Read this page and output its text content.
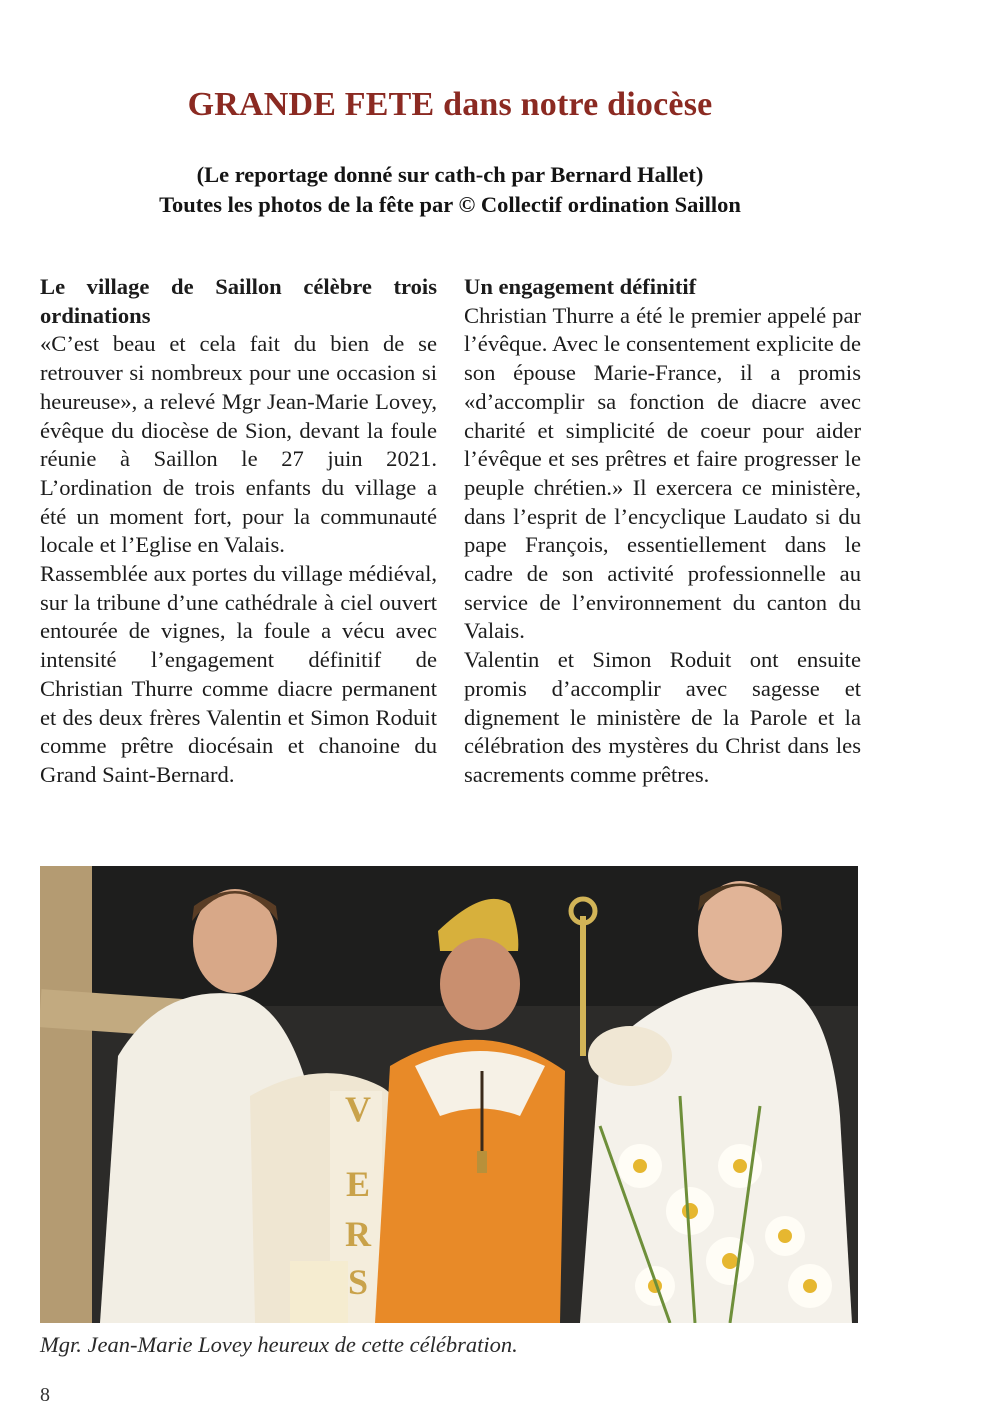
GRANDE FETE dans notre diocèse
(Le reportage donné sur cath-ch par Bernard Hallet)
Toutes les photos de la fête par © Collectif ordination Saillon
Le village de Saillon célèbre trois ordinations

«C’est beau et cela fait du bien de se retrouver si nombreux pour une occasion si heureuse», a relevé Mgr Jean-Marie Lovey, évêque du diocèse de Sion, devant la foule réunie à Saillon le 27 juin 2021. L’ordination de trois enfants du village a été un moment fort, pour la communauté locale et l’Eglise en Valais.

Rassemblée aux portes du village médiéval, sur la tribune d’une cathédrale à ciel ouvert entourée de vignes, la foule a vécu avec intensité l’engagement définitif de Christian Thurre comme diacre permanent et des deux frères Valentin et Simon Roduit comme prêtre diocésain et chanoine du Grand Saint-Bernard.

Un engagement définitif

Christian Thurre a été le premier appelé par l’évêque. Avec le consentement explicite de son épouse Marie-France, il a promis «d’accomplir sa fonction de diacre avec charité et simplicité de coeur pour aider l’évêque et ses prêtres et faire progresser le peuple chrétien.» Il exercera ce ministère, dans l’esprit de l’encyclique Laudato si du pape François, essentiellement dans le cadre de son activité professionnelle au service de l’environnement du canton du Valais.

Valentin et Simon Roduit ont ensuite promis d’accomplir avec sagesse et dignement le ministère de la Parole et la célébration des mystères du Christ dans les sacrements comme prêtres.

V
E
R
S
Mgr. Jean-Marie Lovey heureux de cette célébration.
8
